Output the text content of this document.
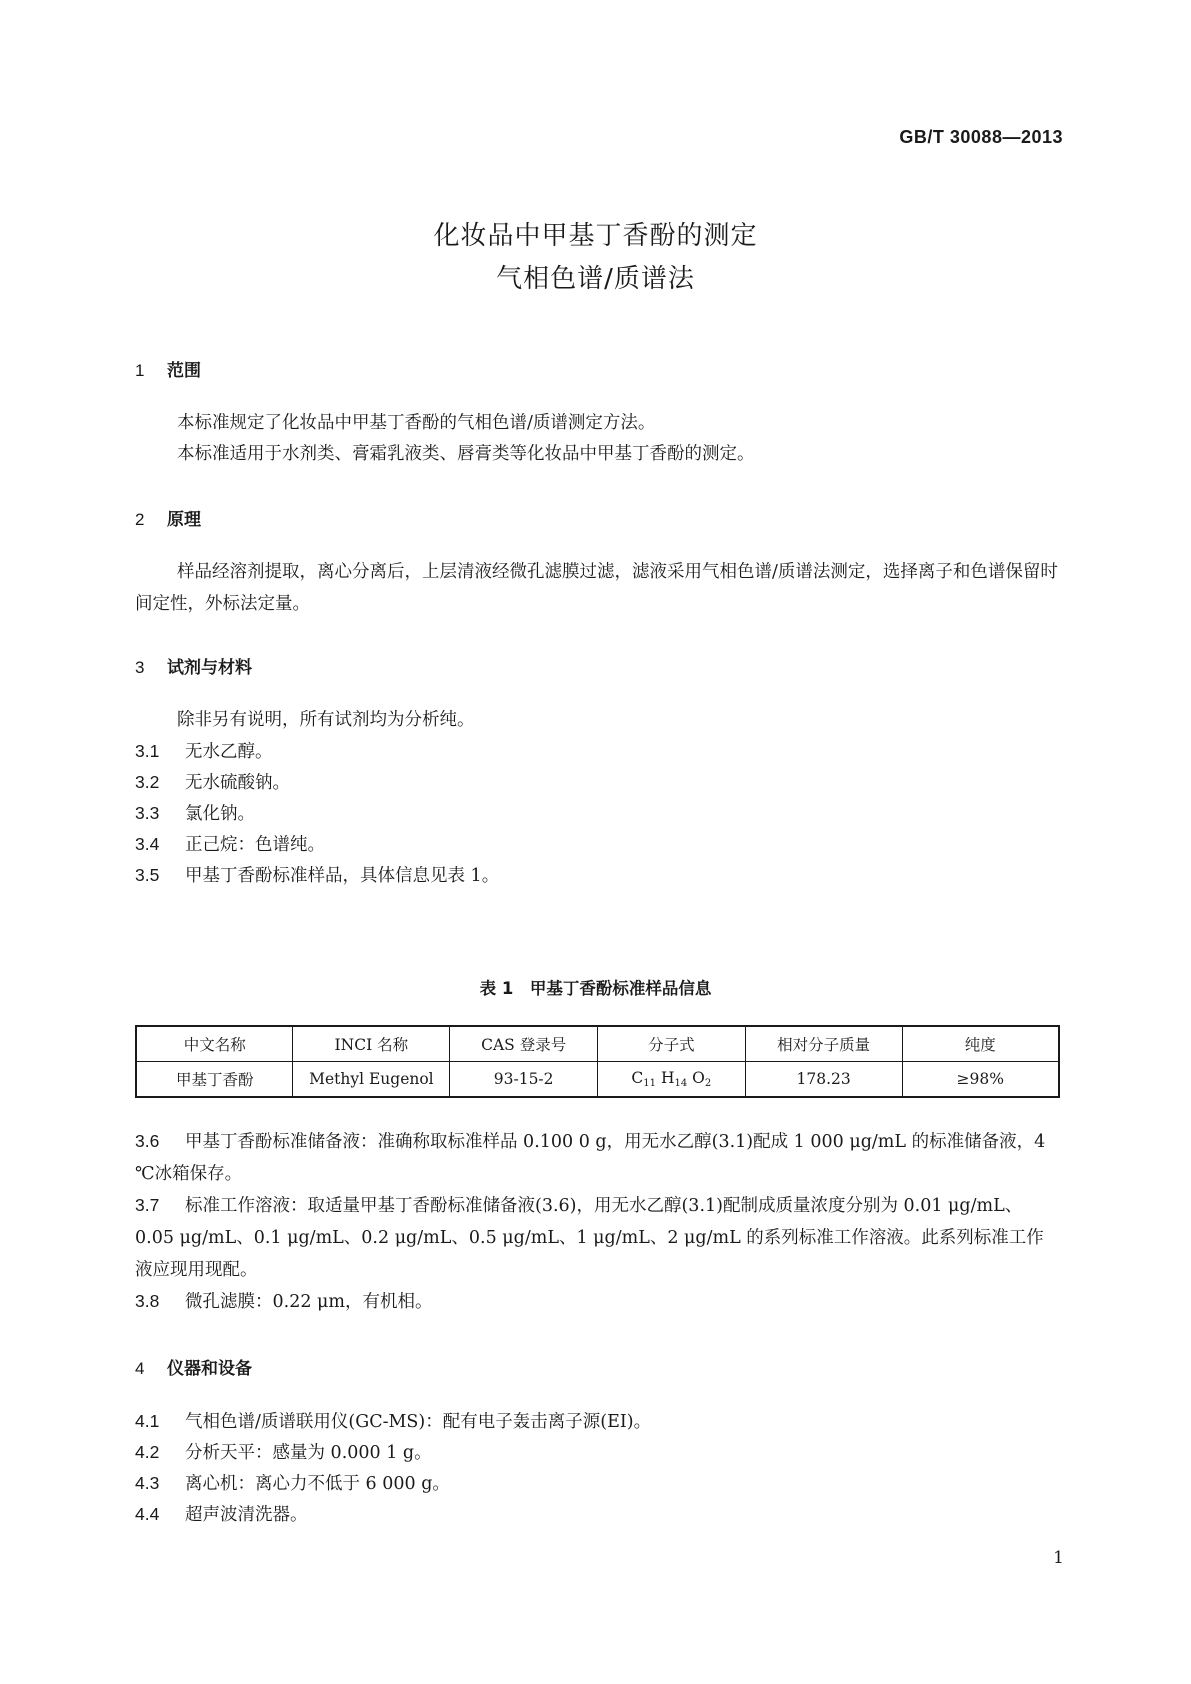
GB/T 30088—2013
化妆品中甲基丁香酚的测定
气相色谱/质谱法
1 范围
本标准规定了化妆品中甲基丁香酚的气相色谱/质谱测定方法。
本标准适用于水剂类、膏霜乳液类、唇膏类等化妆品中甲基丁香酚的测定。
2 原理
样品经溶剂提取，离心分离后，上层清液经微孔滤膜过滤，滤液采用气相色谱/质谱法测定，选择离子和色谱保留时间定性，外标法定量。
3 试剂与材料
除非另有说明，所有试剂均为分析纯。
3.1 无水乙醇。
3.2 无水硫酸钠。
3.3 氯化钠。
3.4 正己烷：色谱纯。
3.5 甲基丁香酚标准样品，具体信息见表 1。
表 1　甲基丁香酚标准样品信息
中文名称	INCI 名称	CAS 登录号	分子式	相对分子质量	纯度
甲基丁香酚	Methyl Eugenol	93-15-2	$C_{11}$ $H_{14}$ $O_2$	178.23	≥98%
3.6 甲基丁香酚标准储备液：准确称取标准样品 0.100 0 g，用无水乙醇(3.1)配成 1 000 μg/mL 的标准储备液，4 ℃冰箱保存。
3.7 标准工作溶液：取适量甲基丁香酚标准储备液(3.6)，用无水乙醇(3.1)配制成质量浓度分别为 0.01 μg/mL、0.05 μg/mL、0.1 μg/mL、0.2 μg/mL、0.5 μg/mL、1 μg/mL、2 μg/mL 的系列标准工作溶液。此系列标准工作液应现用现配。
3.8 微孔滤膜：0.22 μm，有机相。
4 仪器和设备
4.1 气相色谱/质谱联用仪(GC-MS)：配有电子轰击离子源(EI)。
4.2 分析天平：感量为 0.000 1 g。
4.3 离心机：离心力不低于 6 000 g。
4.4 超声波清洗器。
1
